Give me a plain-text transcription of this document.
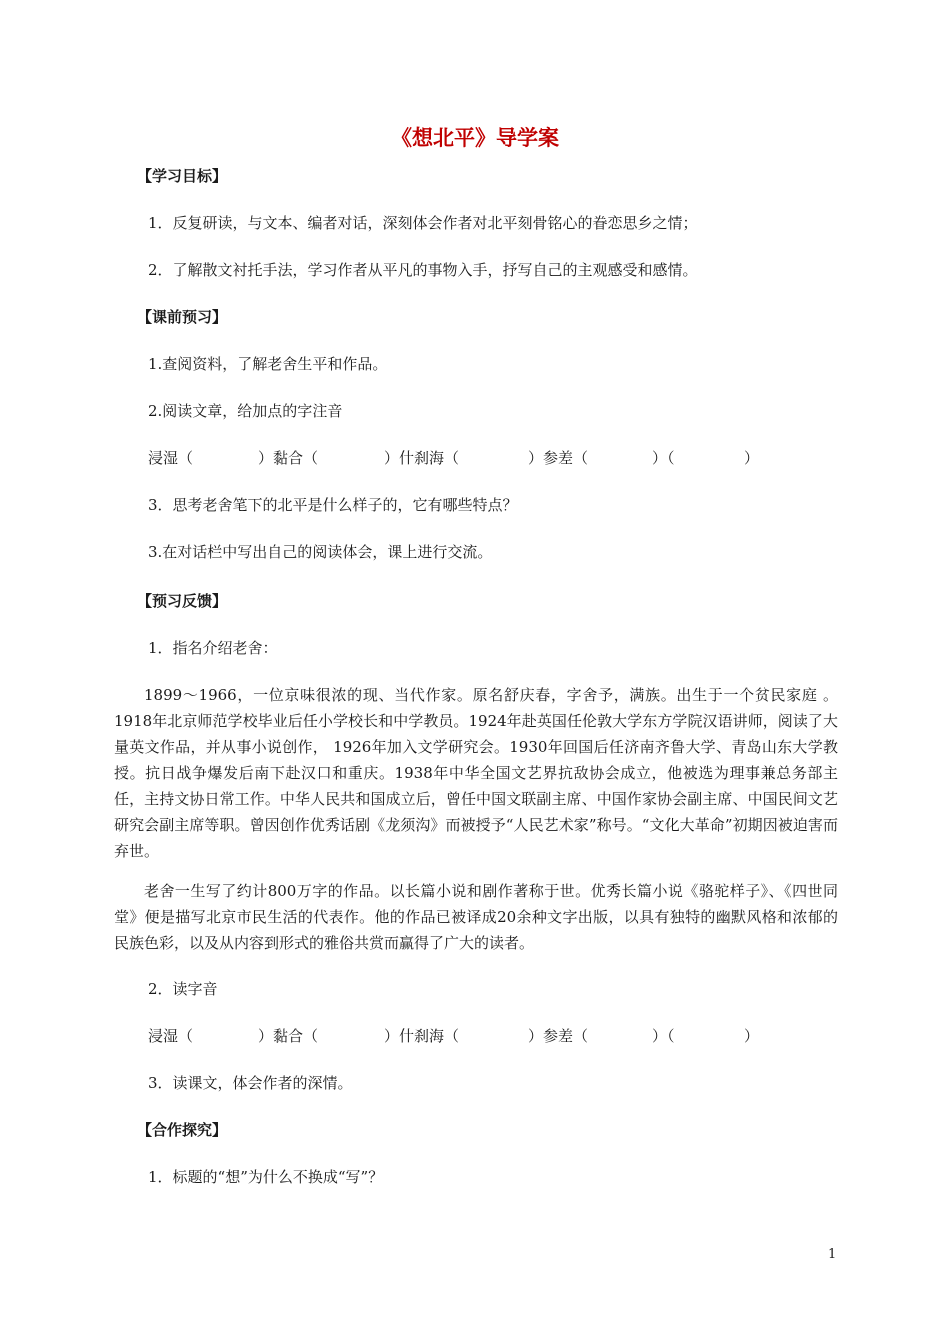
《想北平》导学案
【学习目标】
1．反复研读，与文本、编者对话，深刻体会作者对北平刻骨铭心的眷恋思乡之情；
2．了解散文衬托手法，学习作者从平凡的事物入手，抒写自己的主观感受和感情。
【课前预习】
1.查阅资料，了解老舍生平和作品。
2.阅读文章，给加点的字注音
浸湿（	）黏合（	）什刹海（	）参差（	）（	）
3．思考老舍笔下的北平是什么样子的，它有哪些特点？
3.在对话栏中写出自己的阅读体会，课上进行交流。
【预习反馈】
1．指名介绍老舍：
1899～1966，一位京味很浓的现、当代作家。原名舒庆春，字舍予，满族。出生于一个贫民家庭 。1918年北京师范学校毕业后任小学校长和中学教员。1924年赴英国任伦敦大学东方学院汉语讲师，阅读了大量英文作品，并从事小说创作， 1926年加入文学研究会。1930年回国后任济南齐鲁大学、青岛山东大学教授。抗日战争爆发后南下赴汉口和重庆。1938年中华全国文艺界抗敌协会成立，他被选为理事兼总务部主任，主持文协日常工作。中华人民共和国成立后，曾任中国文联副主席、中国作家协会副主席、中国民间文艺研究会副主席等职。曾因创作优秀话剧《龙须沟》而被授予“人民艺术家”称号。“文化大革命”初期因被迫害而弃世。
老舍一生写了约计800万字的作品。以长篇小说和剧作著称于世。优秀长篇小说《骆驼样子》、《四世同堂》便是描写北京市民生活的代表作。他的作品已被译成20余种文字出版，以具有独特的幽默风格和浓郁的民族色彩，以及从内容到形式的雅俗共赏而赢得了广大的读者。
2．读字音
浸湿（	）黏合（	）什刹海（	）参差（	）（	）
3．读课文，体会作者的深情。
【合作探究】
1．标题的“想”为什么不换成“写”？
1
